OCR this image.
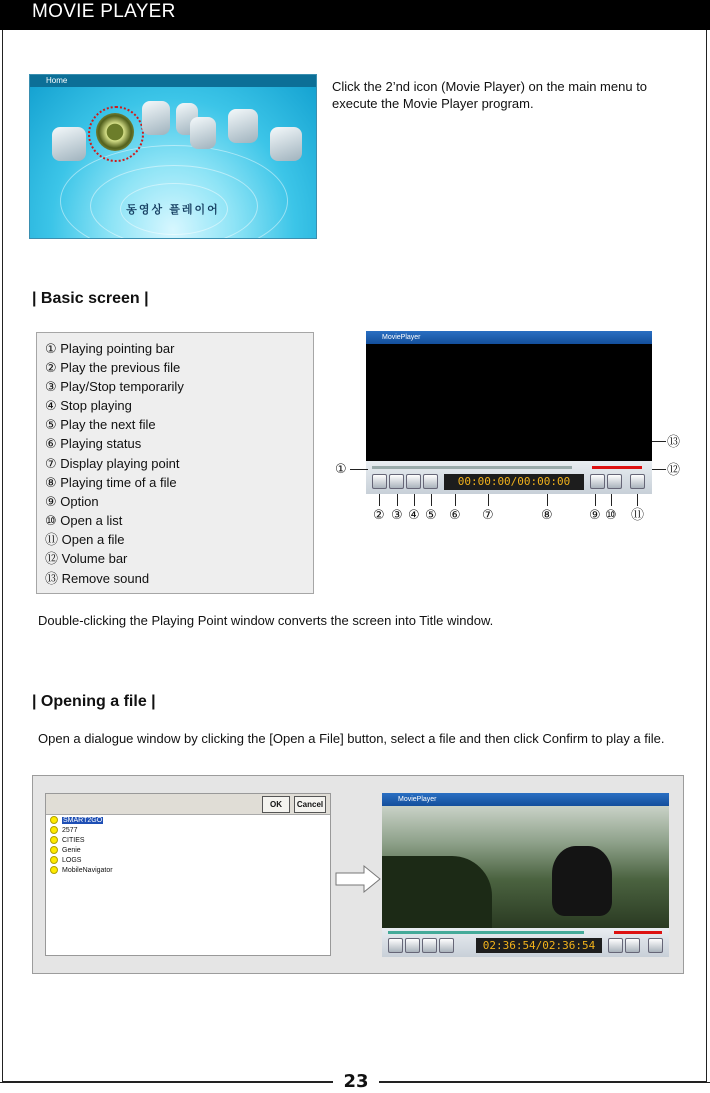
MOVIE PLAYER
Home
동영상 플레이어
Click the 2’nd icon (Movie Player) on the main menu to execute the Movie Player program.
| Basic screen |
① Playing pointing bar
② Play the previous file
③ Play/Stop temporarily
④ Stop playing
⑤ Play the next file
⑥ Playing status
⑦ Display playing point
⑧ Playing time of a file
⑨ Option
⑩ Open a list
⑪ Open a file
⑫ Volume bar
⑬ Remove sound
MoviePlayer
00:00:00/00:00:00
①
⑬
⑫
② ③ ④ ⑤ ⑥ ⑦	⑧	⑨ ⑩ ⑪
Double-clicking the Playing Point window converts the screen into Title window.
| Opening a file |
Open a dialogue window by clicking the [Open a File] button, select a file and then click Confirm to play a file.
OK	Cancel
SMART2GO
2577
CITIES
Genie
LOGS
MobileNavigator
MoviePlayer
02:36:54/02:36:54
23
